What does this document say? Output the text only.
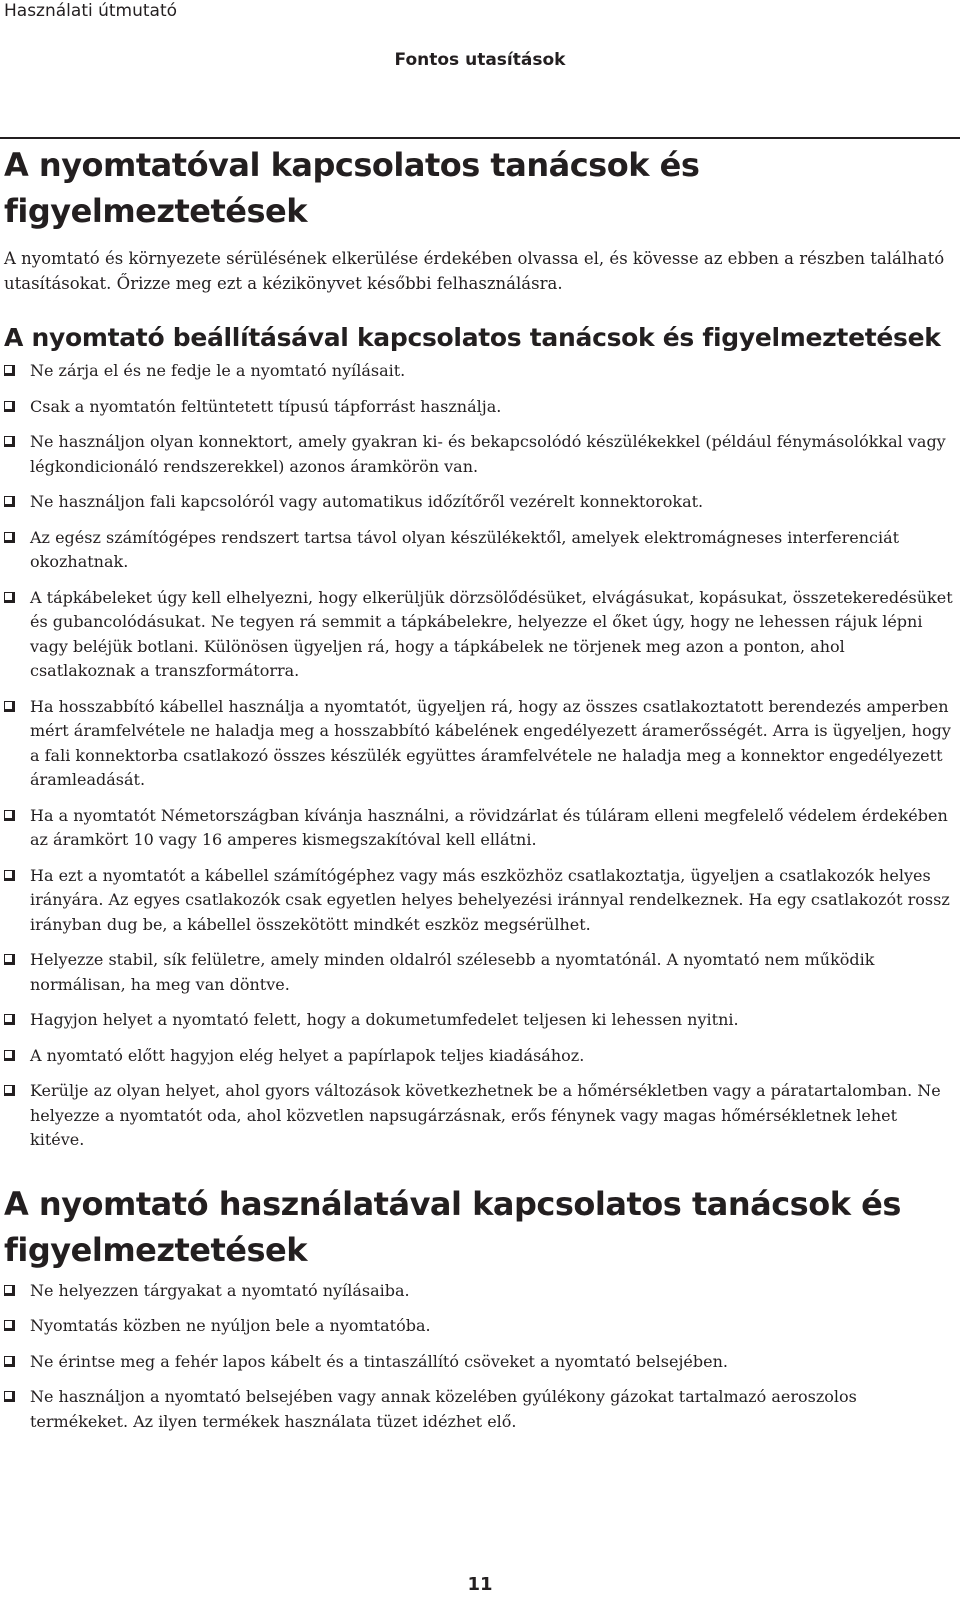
Használati útmutató
Fontos utasítások
A nyomtatóval kapcsolatos tanácsok és figyelmeztetések

A nyomtató és környezete sérülésének elkerülése érdekében olvassa el, és kövesse az ebben a részben található utasításokat. Őrizze meg ezt a kézikönyvet későbbi felhasználásra.

A nyomtató beállításával kapcsolatos tanácsok és figyelmeztetések
Ne zárja el és ne fedje le a nyomtató nyílásait.
Csak a nyomtatón feltüntetett típusú tápforrást használja.
Ne használjon olyan konnektort, amely gyakran ki- és bekapcsolódó készülékekkel (például fénymásolókkal vagy légkondicionáló rendszerekkel) azonos áramkörön van.
Ne használjon fali kapcsolóról vagy automatikus időzítőről vezérelt konnektorokat.
Az egész számítógépes rendszert tartsa távol olyan készülékektől, amelyek elektromágneses interferenciát okozhatnak.
A tápkábeleket úgy kell elhelyezni, hogy elkerüljük dörzsölődésüket, elvágásukat, kopásukat, összetekeredésüket és gubancolódásukat. Ne tegyen rá semmit a tápkábelekre, helyezze el őket úgy, hogy ne lehessen rájuk lépni vagy beléjük botlani. Különösen ügyeljen rá, hogy a tápkábelek ne törjenek meg azon a ponton, ahol csatlakoznak a transzformátorra.
Ha hosszabbító kábellel használja a nyomtatót, ügyeljen rá, hogy az összes csatlakoztatott berendezés amperben mért áramfelvétele ne haladja meg a hosszabbító kábelének engedélyezett áramerősségét. Arra is ügyeljen, hogy a fali konnektorba csatlakozó összes készülék együttes áramfelvétele ne haladja meg a konnektor engedélyezett áramleadását.
Ha a nyomtatót Németországban kívánja használni, a rövidzárlat és túláram elleni megfelelő védelem érdekében az áramkört 10 vagy 16 amperes kismegszakítóval kell ellátni.
Ha ezt a nyomtatót a kábellel számítógéphez vagy más eszközhöz csatlakoztatja, ügyeljen a csatlakozók helyes irányára. Az egyes csatlakozók csak egyetlen helyes behelyezési iránnyal rendelkeznek. Ha egy csatlakozót rossz irányban dug be, a kábellel összekötött mindkét eszköz megsérülhet.
Helyezze stabil, sík felületre, amely minden oldalról szélesebb a nyomtatónál. A nyomtató nem működik normálisan, ha meg van döntve.
Hagyjon helyet a nyomtató felett, hogy a dokumetumfedelet teljesen ki lehessen nyitni.
A nyomtató előtt hagyjon elég helyet a papírlapok teljes kiadásához.
Kerülje az olyan helyet, ahol gyors változások következhetnek be a hőmérsékletben vagy a páratartalomban. Ne helyezze a nyomtatót oda, ahol közvetlen napsugárzásnak, erős fénynek vagy magas hőmérsékletnek lehet kitéve.
A nyomtató használatával kapcsolatos tanácsok és figyelmeztetések
Ne helyezzen tárgyakat a nyomtató nyílásaiba.
Nyomtatás közben ne nyúljon bele a nyomtatóba.
Ne érintse meg a fehér lapos kábelt és a tintaszállító csöveket a nyomtató belsejében.
Ne használjon a nyomtató belsejében vagy annak közelében gyúlékony gázokat tartalmazó aeroszolos termékeket. Az ilyen termékek használata tüzet idézhet elő.
11
